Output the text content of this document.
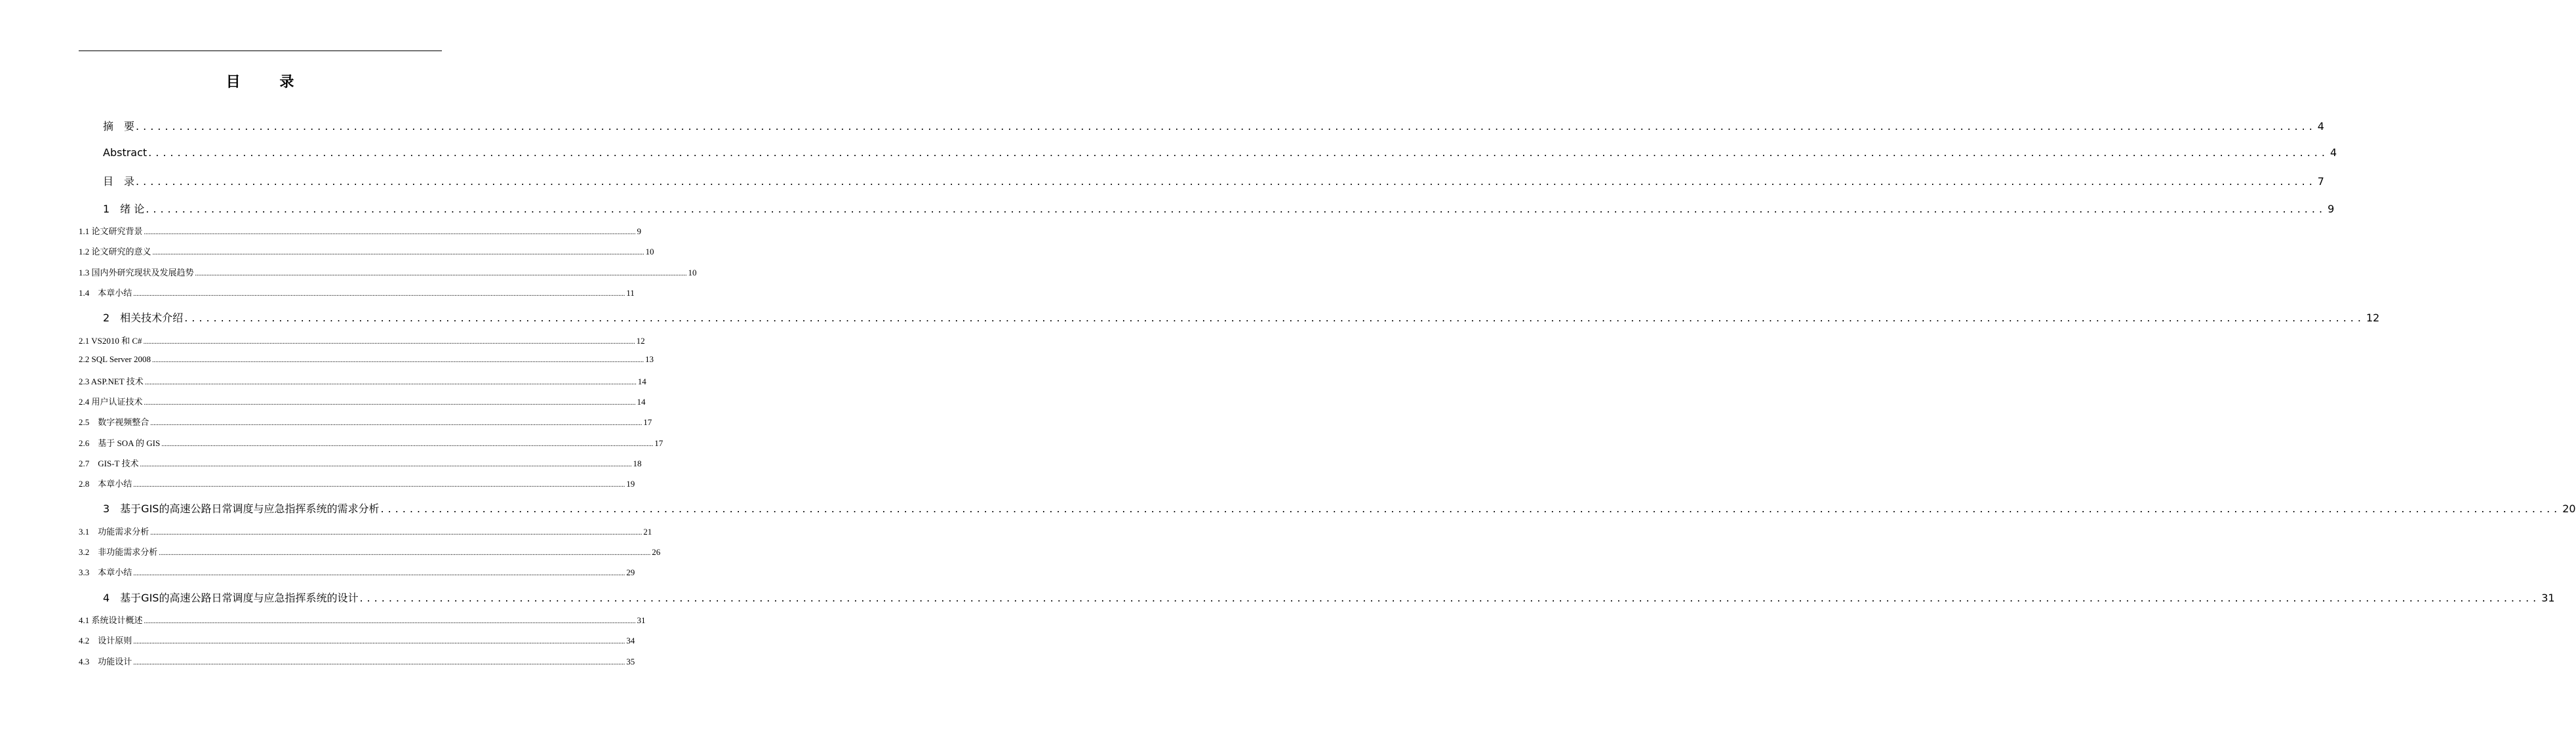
目 录
摘　要 ............................................................................................................................................................................................................................................................................................................ 4
Abstract ............................................................................................................................................................................................................................................................................................................ 4
目　录 ............................................................................................................................................................................................................................................................................................................ 7
1　绪 论 ............................................................................................................................................................................................................................................................................................................ 9
1.1 论文研究背景 ............................................................................................................................................................................................................................................................................................................ 9
1.2 论文研究的意义 ............................................................................................................................................................................................................................................................................................................ 10
1.3 国内外研究现状及发展趋势 ............................................................................................................................................................................................................................................................................................................ 10
1.4　本章小结 ............................................................................................................................................................................................................................................................................................................ 11
2　相关技术介绍 ............................................................................................................................................................................................................................................................................................................ 12
2.1 VS2010 和 C# ............................................................................................................................................................................................................................................................................................................ 12
2.2 SQL Server 2008 ............................................................................................................................................................................................................................................................................................................ 13
2.3 ASP.NET 技术 ............................................................................................................................................................................................................................................................................................................ 14
2.4 用户认证技术 ............................................................................................................................................................................................................................................................................................................ 14
2.5　数字视频整合 ............................................................................................................................................................................................................................................................................................................ 17
2.6　基于 SOA 的 GIS ............................................................................................................................................................................................................................................................................................................ 17
2.7　GIS-T 技术 ............................................................................................................................................................................................................................................................................................................ 18
2.8　本章小结 ............................................................................................................................................................................................................................................................................................................ 19
3　基于GIS的高速公路日常调度与应急指挥系统的需求分析 ............................................................................................................................................................................................................................................................................................................ 20
3.1　功能需求分析 ............................................................................................................................................................................................................................................................................................................ 21
3.2　非功能需求分析 ............................................................................................................................................................................................................................................................................................................ 26
3.3　本章小结 ............................................................................................................................................................................................................................................................................................................ 29
4　基于GIS的高速公路日常调度与应急指挥系统的设计 ............................................................................................................................................................................................................................................................................................................ 31
4.1 系统设计概述 ............................................................................................................................................................................................................................................................................................................ 31
4.2　设计原则 ............................................................................................................................................................................................................................................................................................................ 34
4.3　功能设计 ............................................................................................................................................................................................................................................................................................................ 35
